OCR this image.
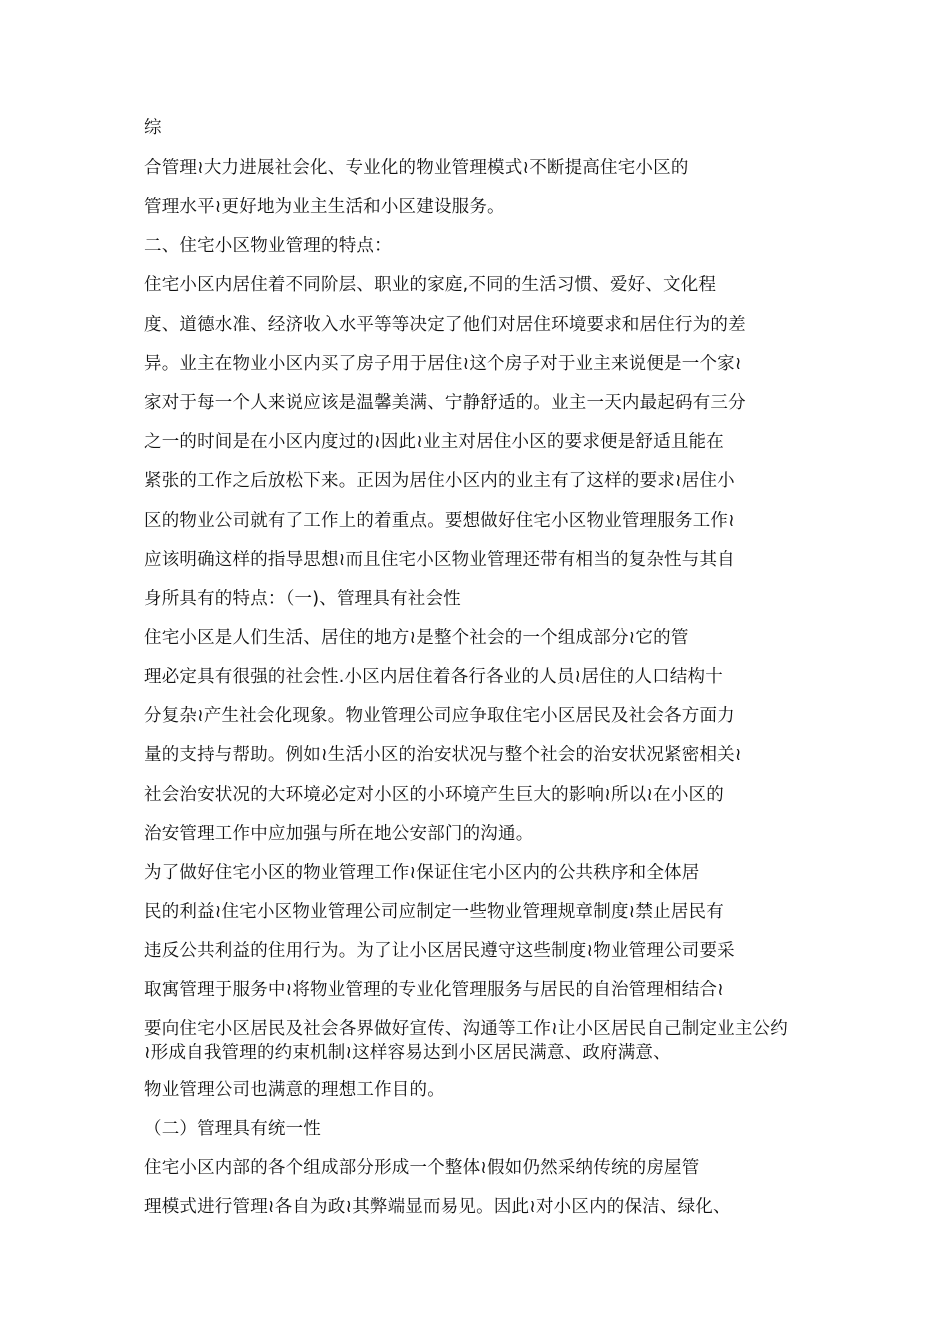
综
合管理≀大力进展社会化、专业化的物业管理模式≀不断提高住宅小区的
管理水平≀更好地为业主生活和小区建设服务。
二、住宅小区物业管理的特点：
住宅小区内居住着不同阶层、职业的家庭,不同的生活习惯、爱好、文化程
度、道德水准、经济收入水平等等决定了他们对居住环境要求和居住行为的差
异。业主在物业小区内买了房子用于居住≀这个房子对于业主来说便是一个家≀
家对于每一个人来说应该是温馨美满、宁静舒适的。业主一天内最起码有三分
之一的时间是在小区内度过的≀因此≀业主对居住小区的要求便是舒适且能在
紧张的工作之后放松下来。正因为居住小区内的业主有了这样的要求≀居住小
区的物业公司就有了工作上的着重点。要想做好住宅小区物业管理服务工作≀
应该明确这样的指导思想≀而且住宅小区物业管理还带有相当的复杂性与其自
身所具有的特点：（一)、管理具有社会性
住宅小区是人们生活、居住的地方≀是整个社会的一个组成部分≀它的管
理必定具有很强的社会性.小区内居住着各行各业的人员≀居住的人口结构十
分复杂≀产生社会化现象。物业管理公司应争取住宅小区居民及社会各方面力
量的支持与帮助。例如≀生活小区的治安状况与整个社会的治安状况紧密相关≀
社会治安状况的大环境必定对小区的小环境产生巨大的影响≀所以≀在小区的
治安管理工作中应加强与所在地公安部门的沟通。
为了做好住宅小区的物业管理工作≀保证住宅小区内的公共秩序和全体居
民的利益≀住宅小区物业管理公司应制定一些物业管理规章制度≀禁止居民有
违反公共利益的住用行为。为了让小区居民遵守这些制度≀物业管理公司要采
取寓管理于服务中≀将物业管理的专业化管理服务与居民的自治管理相结合≀
要向住宅小区居民及社会各界做好宣传、沟通等工作≀让小区居民自己制定业主公约
≀形成自我管理的约束机制≀这样容易达到小区居民满意、政府满意、
物业管理公司也满意的理想工作目的。
（二）管理具有统一性
住宅小区内部的各个组成部分形成一个整体≀假如仍然采纳传统的房屋管
理模式进行管理≀各自为政≀其弊端显而易见。因此≀对小区内的保洁、绿化、
